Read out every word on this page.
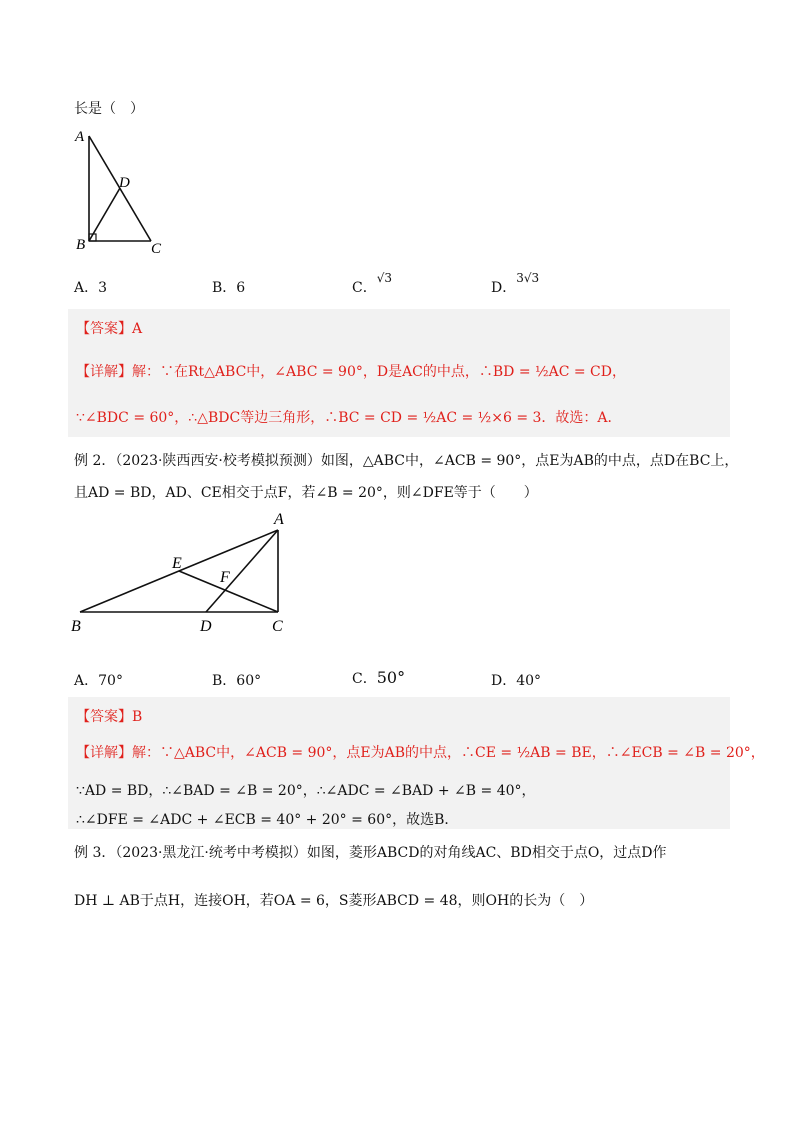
长是（　）
A
B	C
D
A．3	B．6	C．√3
D．3√3
【答案】A
【详解】解：∵在Rt△ABC中，∠ABC = 90°，D是AC的中点，∴BD = ½AC = CD，
∵∠BDC = 60°，∴△BDC等边三角形，∴BC = CD = ½AC = ½×6 = 3．故选：A．
例 2．（2023·陕西西安·校考模拟预测）如图，△ABC中，∠ACB = 90°，点E为AB的中点，点D在BC上，
且AD = BD，AD、CE相交于点F，若∠B = 20°，则∠DFE等于（　　）
A
B	C
D
E
F
A．70°	B．60°	C．50°	D．40°
【答案】B
【详解】解：∵△ABC中，∠ACB = 90°，点E为AB的中点，∴CE = ½AB = BE，∴∠ECB = ∠B = 20°，
∵AD = BD，∴∠BAD = ∠B = 20°，∴∠ADC = ∠BAD + ∠B = 40°，
∴∠DFE = ∠ADC + ∠ECB = 40° + 20° = 60°，故选B．
例 3．（2023·黑龙江·统考中考模拟）如图，菱形ABCD的对角线AC、BD相交于点O，过点D作
DH ⊥ AB于点H，连接OH，若OA = 6，S菱形ABCD = 48，则OH的长为（　）
